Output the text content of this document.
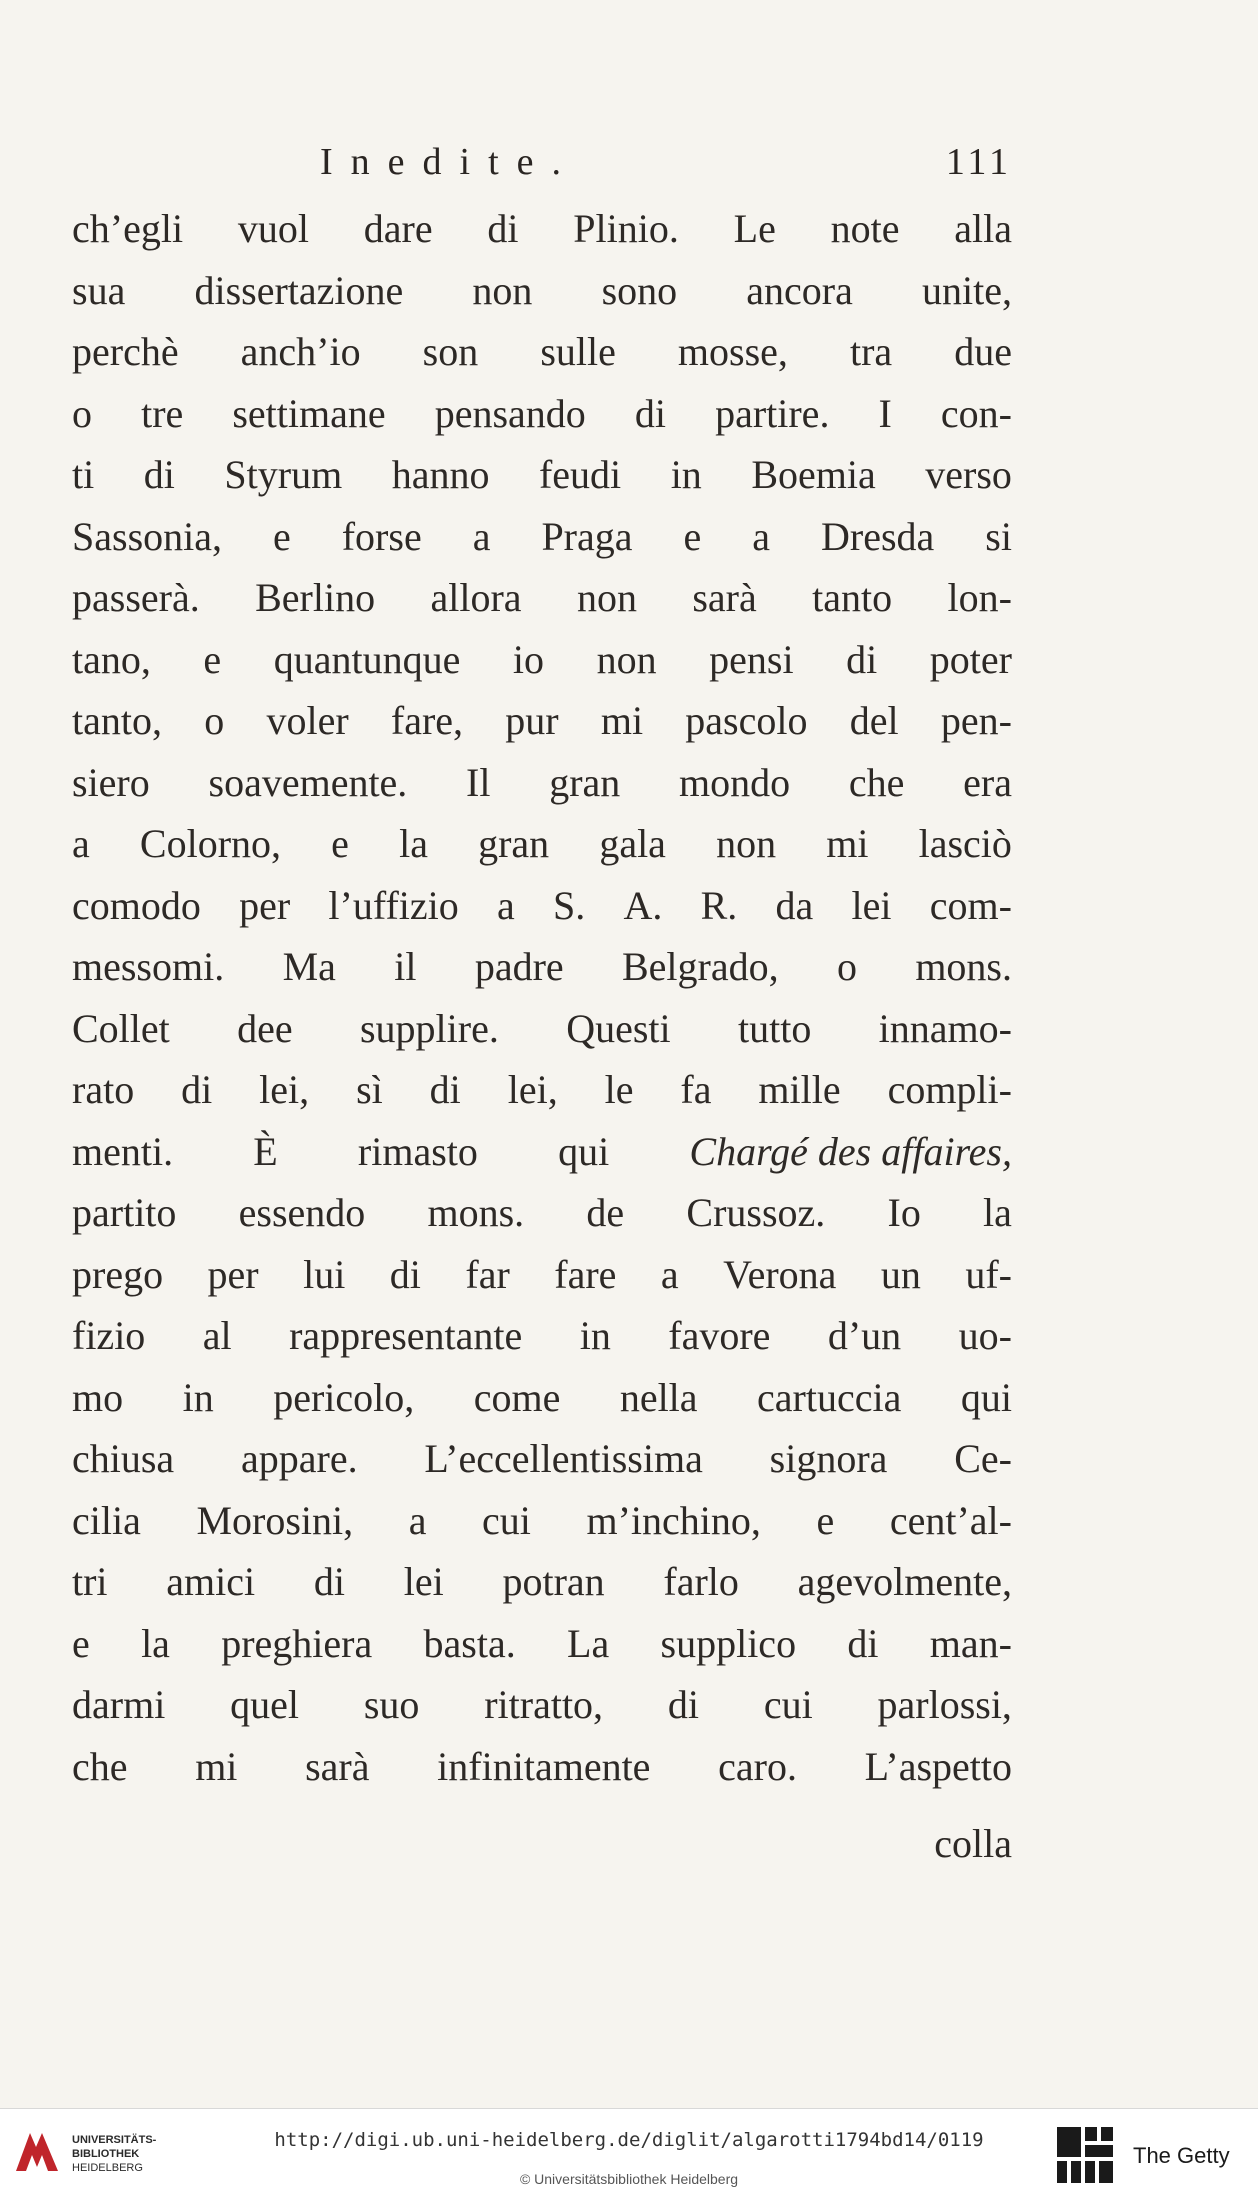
Inedite.	111
ch’egli vuol dare di Plinio. Le note alla
sua dissertazione non sono ancora unite,
perchè anch’io son sulle mosse, tra due
o tre settimane pensando di partire. I con-
ti di Styrum hanno feudi in Boemia verso
Sassonia, e forse a Praga e a Dresda si
passerà. Berlino allora non sarà tanto lon-
tano, e quantunque io non pensi di poter
tanto, o voler fare, pur mi pascolo del pen-
siero soavemente. Il gran mondo che era
a Colorno, e la gran gala non mi lasciò
comodo per l’uffizio a S. A. R. da lei com-
messomi. Ma il padre Belgrado, o mons.
Collet dee supplire. Questi tutto innamo-
rato di lei, sì di lei, le fa mille compli-
menti. È rimasto qui Chargé des affaires,
partito essendo mons. de Crussoz. Io la
prego per lui di far fare a Verona un uf-
fizio al rappresentante in favore d’un uo-
mo in pericolo, come nella cartuccia qui
chiusa appare. L’eccellentissima signora Ce-
cilia Morosini, a cui m’inchino, e cent’al-
tri amici di lei potran farlo agevolmente,
e la preghiera basta. La supplico di man-
darmi quel suo ritratto, di cui parlossi,
che mi sarà infinitamente caro. L’aspetto
colla
UNIVERSITÄTS-
BIBLIOTHEK
HEIDELBERG
http://digi.ub.uni-heidelberg.de/diglit/algarotti1794bd14/0119
© Universitätsbibliothek Heidelberg
The Getty
